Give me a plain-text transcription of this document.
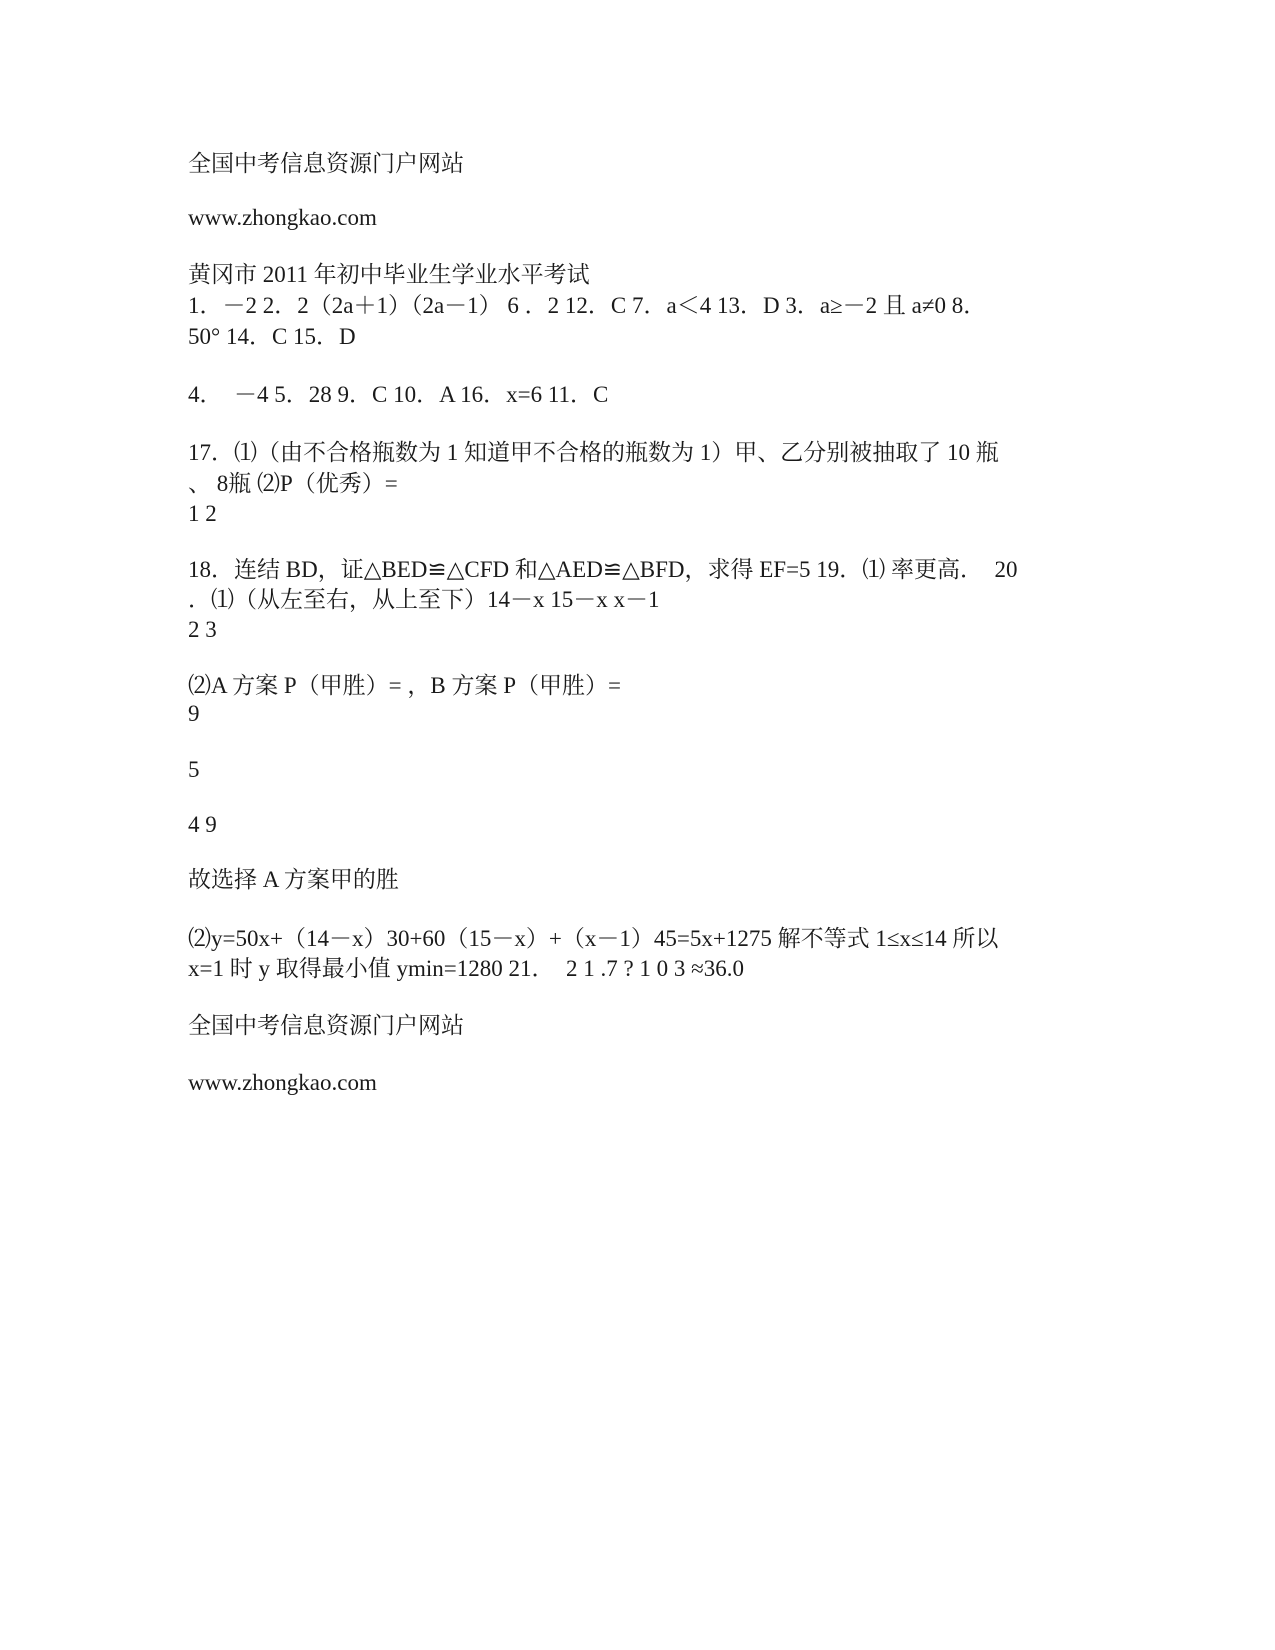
全国中考信息资源门户网站
www.zhongkao.com
黄冈市 2011 年初中毕业生学业水平考试
1．－2 2．2（2a＋1）（2a－1） 6 ．2 12．C 7．a＜4 13．D 3．a≥－2 且 a≠0 8．
50° 14．C 15．D
4．  －4 5．28 9．C 10．A 16．x=6 11．C
17．⑴（由不合格瓶数为 1 知道甲不合格的瓶数为 1）甲、乙分别被抽取了 10 瓶
、 8瓶 ⑵P（优秀）=
1 2
18．连结 BD，证△BED≌△CFD 和△AED≌△BFD，求得 EF=5 19．⑴ 率更高．  20
．⑴（从左至右，从上至下）14－x 15－x x－1
2 3
⑵A 方案 P（甲胜）= ，B 方案 P（甲胜）=
9
5
4 9
故选择 A 方案甲的胜
⑵y=50x+（14－x）30+60（15－x）+（x－1）45=5x+1275 解不等式 1≤x≤14 所以
x=1 时 y 取得最小值 ymin=1280 21．  2 1 .7 ? 1 0 3 ≈36.0
全国中考信息资源门户网站
www.zhongkao.com
